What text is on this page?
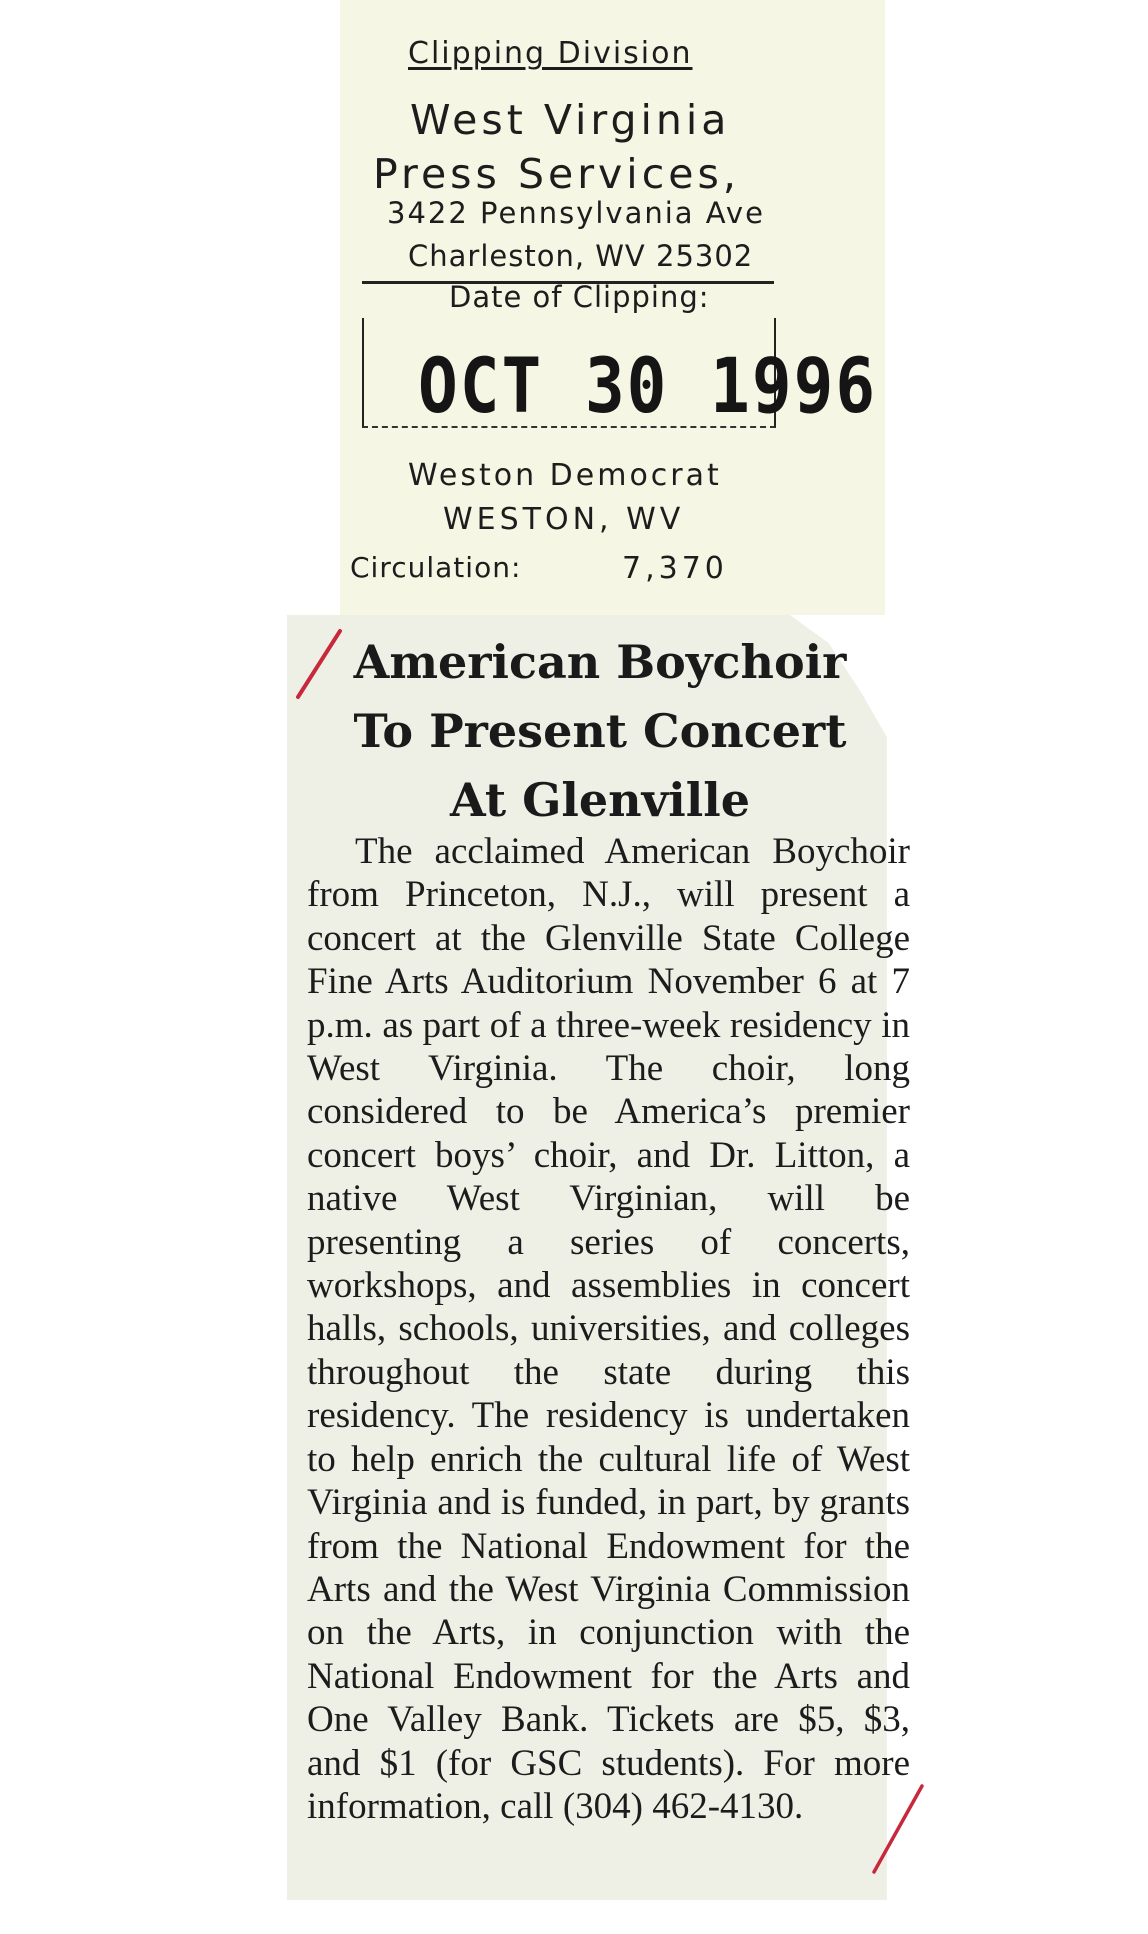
Clipping Division
West Virginia
Press Services,
3422 Pennsylvania Ave
Charleston, WV 25302
Date of Clipping:
OCT 30 1996
Weston Democrat
WESTON, WV
Circulation:	7,370
American Boychoir
To Present Concert
At Glenville

The acclaimed American Boychoir from Princeton, N.J., will present a concert at the Glenville State College Fine Arts Auditorium November 6 at 7 p.m. as part of a three-week residency in West Virginia. The choir, long considered to be America’s premier concert boys’ choir, and Dr. Litton, a native West Virginian, will be presenting a series of concerts, workshops, and assemblies in concert halls, schools, universities, and colleges throughout the state during this residency. The residency is undertaken to help enrich the cultural life of West Virginia and is funded, in part, by grants from the National Endowment for the Arts and the West Virginia Commission on the Arts, in conjunction with the National Endowment for the Arts and One Valley Bank. Tickets are $5, $3, and $1 (for GSC students). For more information, call (304) 462-4130.
